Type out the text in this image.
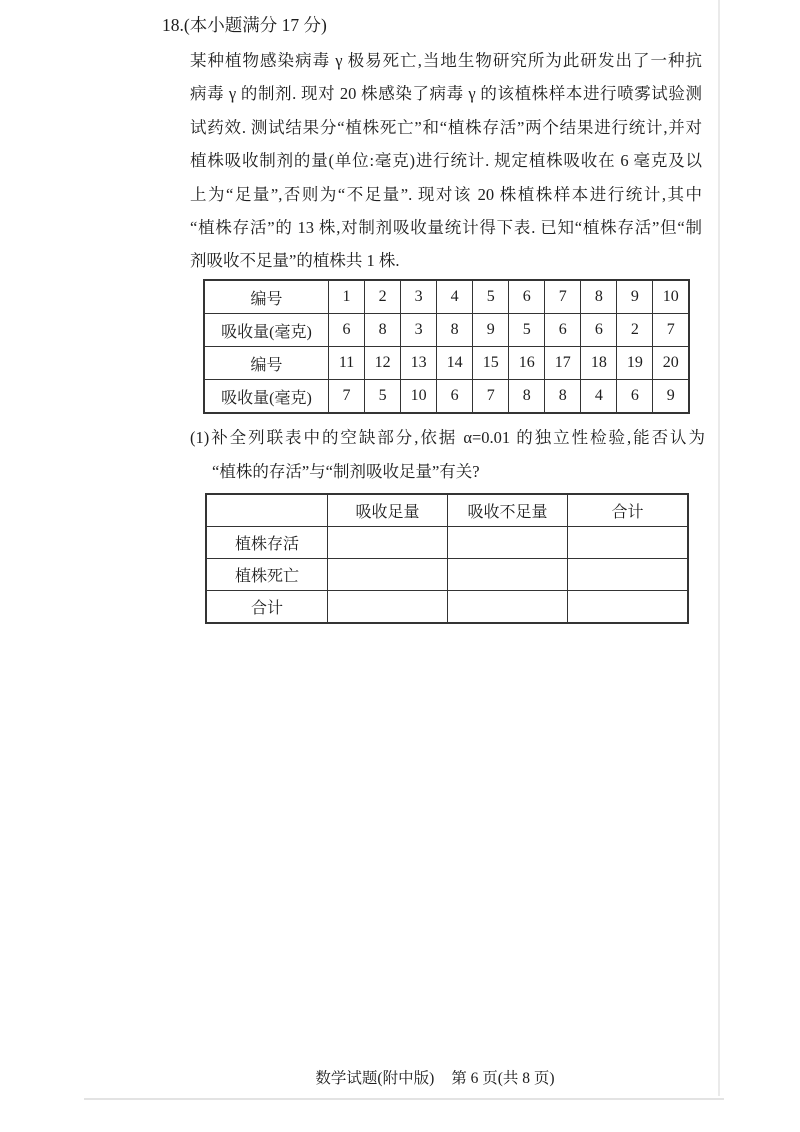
18.(本小题满分 17 分)
某种植物感染病毒 γ 极易死亡,当地生物研究所为此研发出了一种抗
病毒 γ 的制剂. 现对 20 株感染了病毒 γ 的该植株样本进行喷雾试验测
试药效. 测试结果分“植株死亡”和“植株存活”两个结果进行统计,并对
植株吸收制剂的量(单位:毫克)进行统计. 规定植株吸收在 6 毫克及以
上为“足量”,否则为“不足量”. 现对该 20 株植株样本进行统计,其中
“植株存活”的 13 株,对制剂吸收量统计得下表. 已知“植株存活”但“制
剂吸收不足量”的植株共 1 株.
编号	1	2	3	4	5	6	7	8	9	10
吸收量(毫克)	6	8	3	8	9	5	6	6	2	7
编号	11	12	13	14	15	16	17	18	19	20
吸收量(毫克)	7	5	10	6	7	8	8	4	6	9
(1)补全列联表中的空缺部分,依据 α=0.01 的独立性检验,能否认为
“植株的存活”与“制剂吸收足量”有关?
	吸收足量	吸收不足量	合计
植株存活			
植株死亡			
合计			
数学试题(附中版) 第 6 页(共 8 页)
